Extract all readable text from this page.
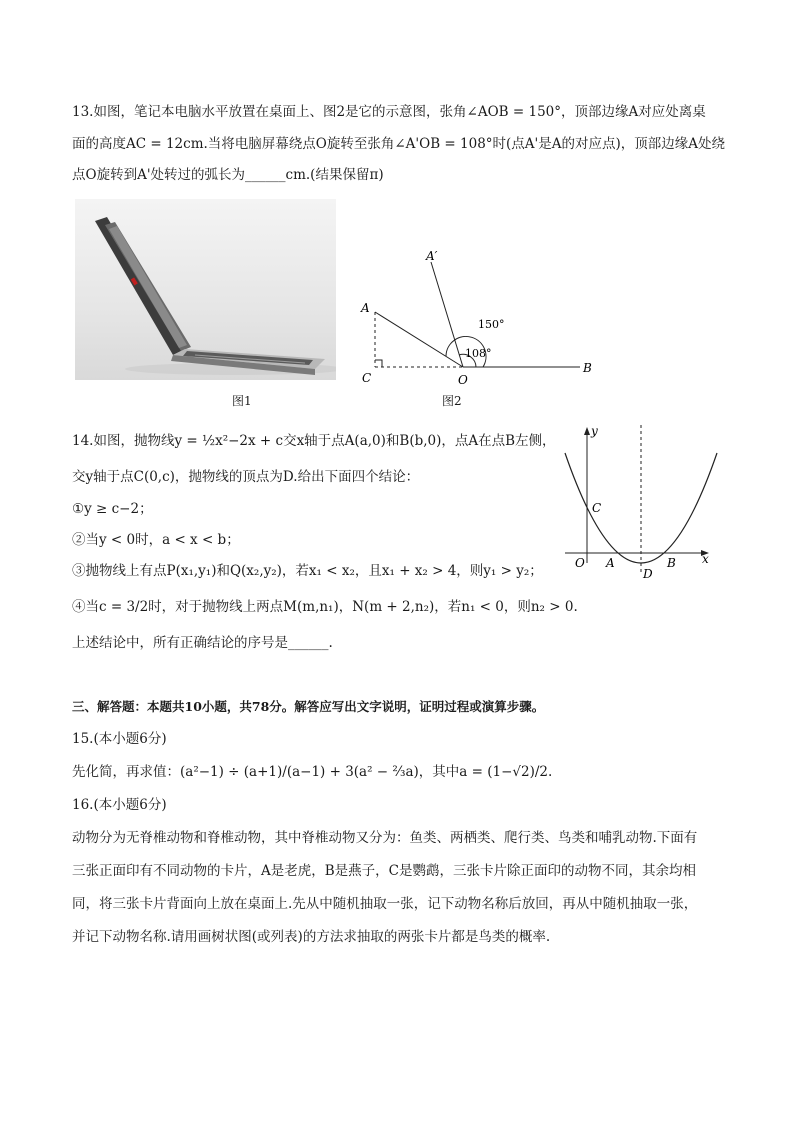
13.如图，笔记本电脑水平放置在桌面上、图2是它的示意图，张角∠AOB = 150°，顶部边缘A对应处离桌
面的高度AC = 12cm.当将电脑屏幕绕点O旋转至张角∠A'OB = 108°时(点A'是A的对应点)，顶部边缘A处绕
点O旋转到A'处转过的弧长为______cm.(结果保留π)
图1
A′
A
C	O
B
150°
108°
图2
14.如图，抛物线y = ½x²−2x + c交x轴于点A(a,0)和B(b,0)，点A在点B左侧，
交y轴于点C(0,c)，抛物线的顶点为D.给出下面四个结论：
①y ≥ c−2；
②当y < 0时，a < x < b；
③抛物线上有点P(x₁,y₁)和Q(x₂,y₂)，若x₁ < x₂，且x₁ + x₂ > 4，则y₁ > y₂；
④当c = 3/2时，对于抛物线上两点M(m,n₁)，N(m + 2,n₂)，若n₁ < 0，则n₂ > 0.
上述结论中，所有正确结论的序号是______.
y
x
C
O A
D
B
三、解答题：本题共10小题，共78分。解答应写出文字说明，证明过程或演算步骤。
15.(本小题6分)
先化简，再求值：(a²−1) ÷ (a+1)/(a−1) + 3(a² − ⅔a)，其中a = (1−√2)/2.
16.(本小题6分)
动物分为无脊椎动物和脊椎动物，其中脊椎动物又分为：鱼类、两栖类、爬行类、鸟类和哺乳动物.下面有
三张正面印有不同动物的卡片，A是老虎，B是燕子，C是鹦鹉，三张卡片除正面印的动物不同，其余均相
同，将三张卡片背面向上放在桌面上.先从中随机抽取一张，记下动物名称后放回，再从中随机抽取一张，
并记下动物名称.请用画树状图(或列表)的方法求抽取的两张卡片都是鸟类的概率.
